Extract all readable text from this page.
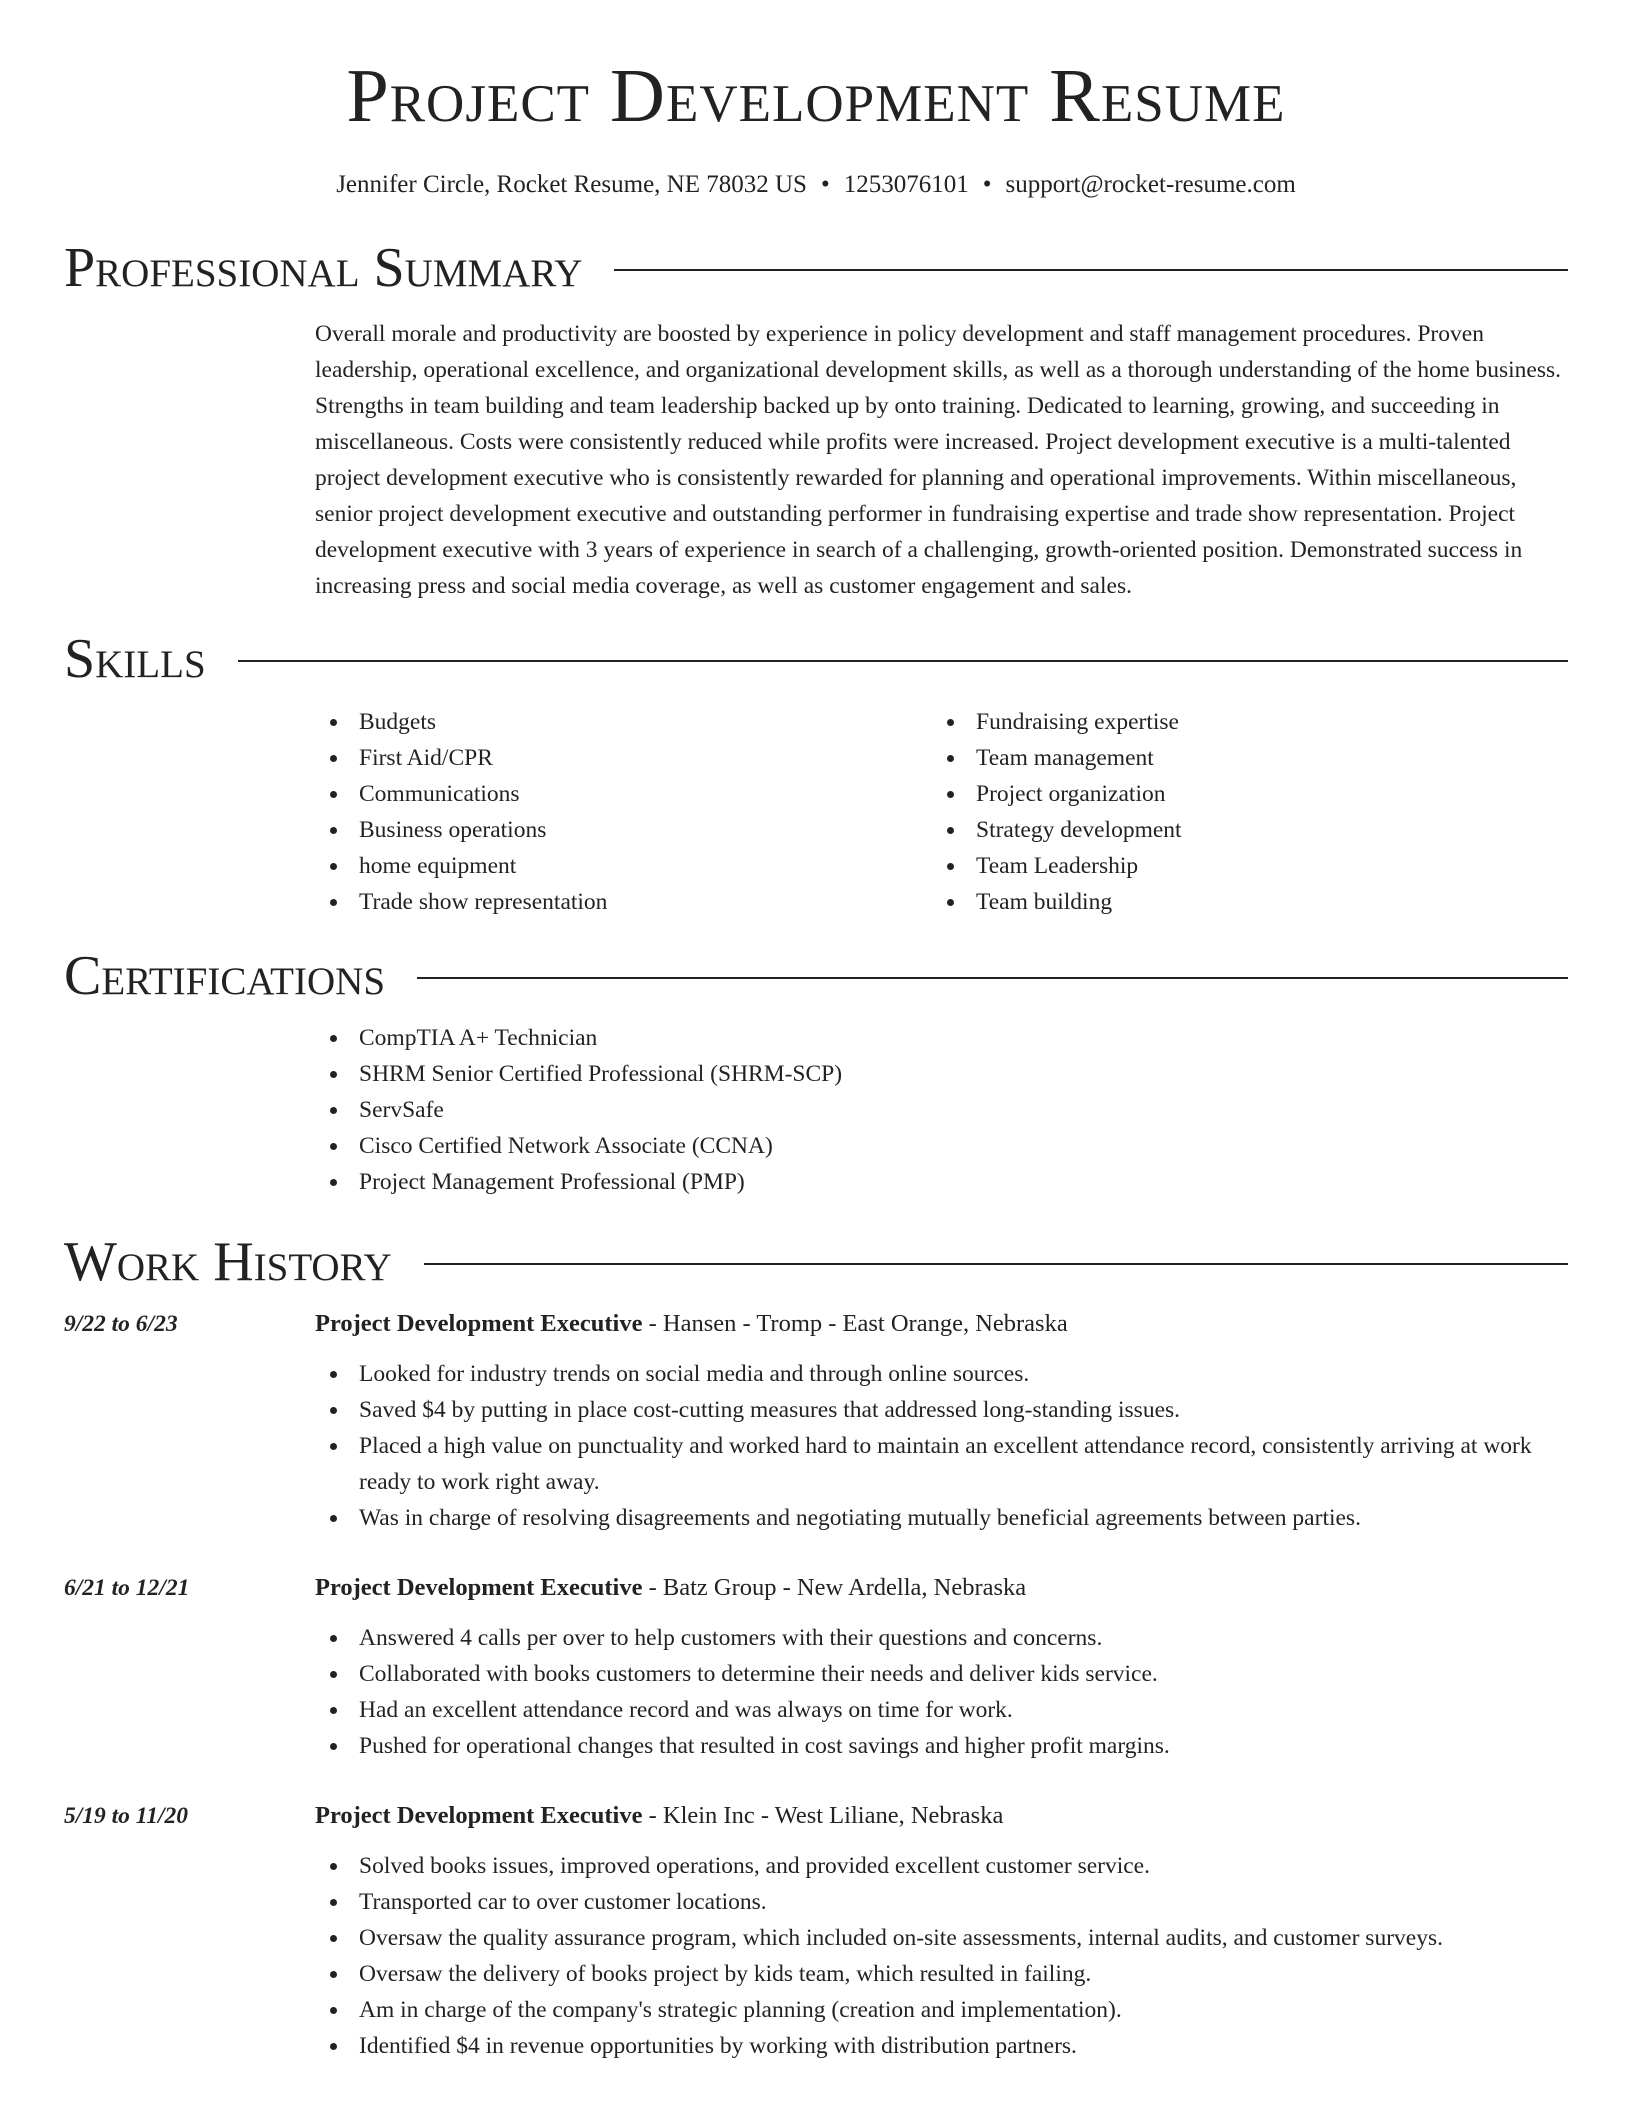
Project Development Resume
Jennifer Circle, Rocket Resume, NE 78032 US • 1253076101 • support@rocket-resume.com
Professional Summary
Overall morale and productivity are boosted by experience in policy development and staff management procedures. Proven leadership, operational excellence, and organizational development skills, as well as a thorough understanding of the home business. Strengths in team building and team leadership backed up by onto training. Dedicated to learning, growing, and succeeding in miscellaneous. Costs were consistently reduced while profits were increased. Project development executive is a multi-talented project development executive who is consistently rewarded for planning and operational improvements. Within miscellaneous, senior project development executive and outstanding performer in fundraising expertise and trade show representation. Project development executive with 3 years of experience in search of a challenging, growth-oriented position. Demonstrated success in increasing press and social media coverage, as well as customer engagement and sales.
Skills
Budgets
First Aid/CPR
Communications
Business operations
home equipment
Trade show representation
Fundraising expertise
Team management
Project organization
Strategy development
Team Leadership
Team building
Certifications
CompTIA A+ Technician
SHRM Senior Certified Professional (SHRM-SCP)
ServSafe
Cisco Certified Network Associate (CCNA)
Project Management Professional (PMP)
Work History
9/22 to 6/23	Project Development Executive - Hansen - Tromp - East Orange, Nebraska
Looked for industry trends on social media and through online sources.
Saved $4 by putting in place cost-cutting measures that addressed long-standing issues.
Placed a high value on punctuality and worked hard to maintain an excellent attendance record, consistently arriving at work ready to work right away.
Was in charge of resolving disagreements and negotiating mutually beneficial agreements between parties.
6/21 to 12/21	Project Development Executive - Batz Group - New Ardella, Nebraska
Answered 4 calls per over to help customers with their questions and concerns.
Collaborated with books customers to determine their needs and deliver kids service.
Had an excellent attendance record and was always on time for work.
Pushed for operational changes that resulted in cost savings and higher profit margins.
5/19 to 11/20	Project Development Executive - Klein Inc - West Liliane, Nebraska
Solved books issues, improved operations, and provided excellent customer service.
Transported car to over customer locations.
Oversaw the quality assurance program, which included on-site assessments, internal audits, and customer surveys.
Oversaw the delivery of books project by kids team, which resulted in failing.
Am in charge of the company's strategic planning (creation and implementation).
Identified $4 in revenue opportunities by working with distribution partners.
